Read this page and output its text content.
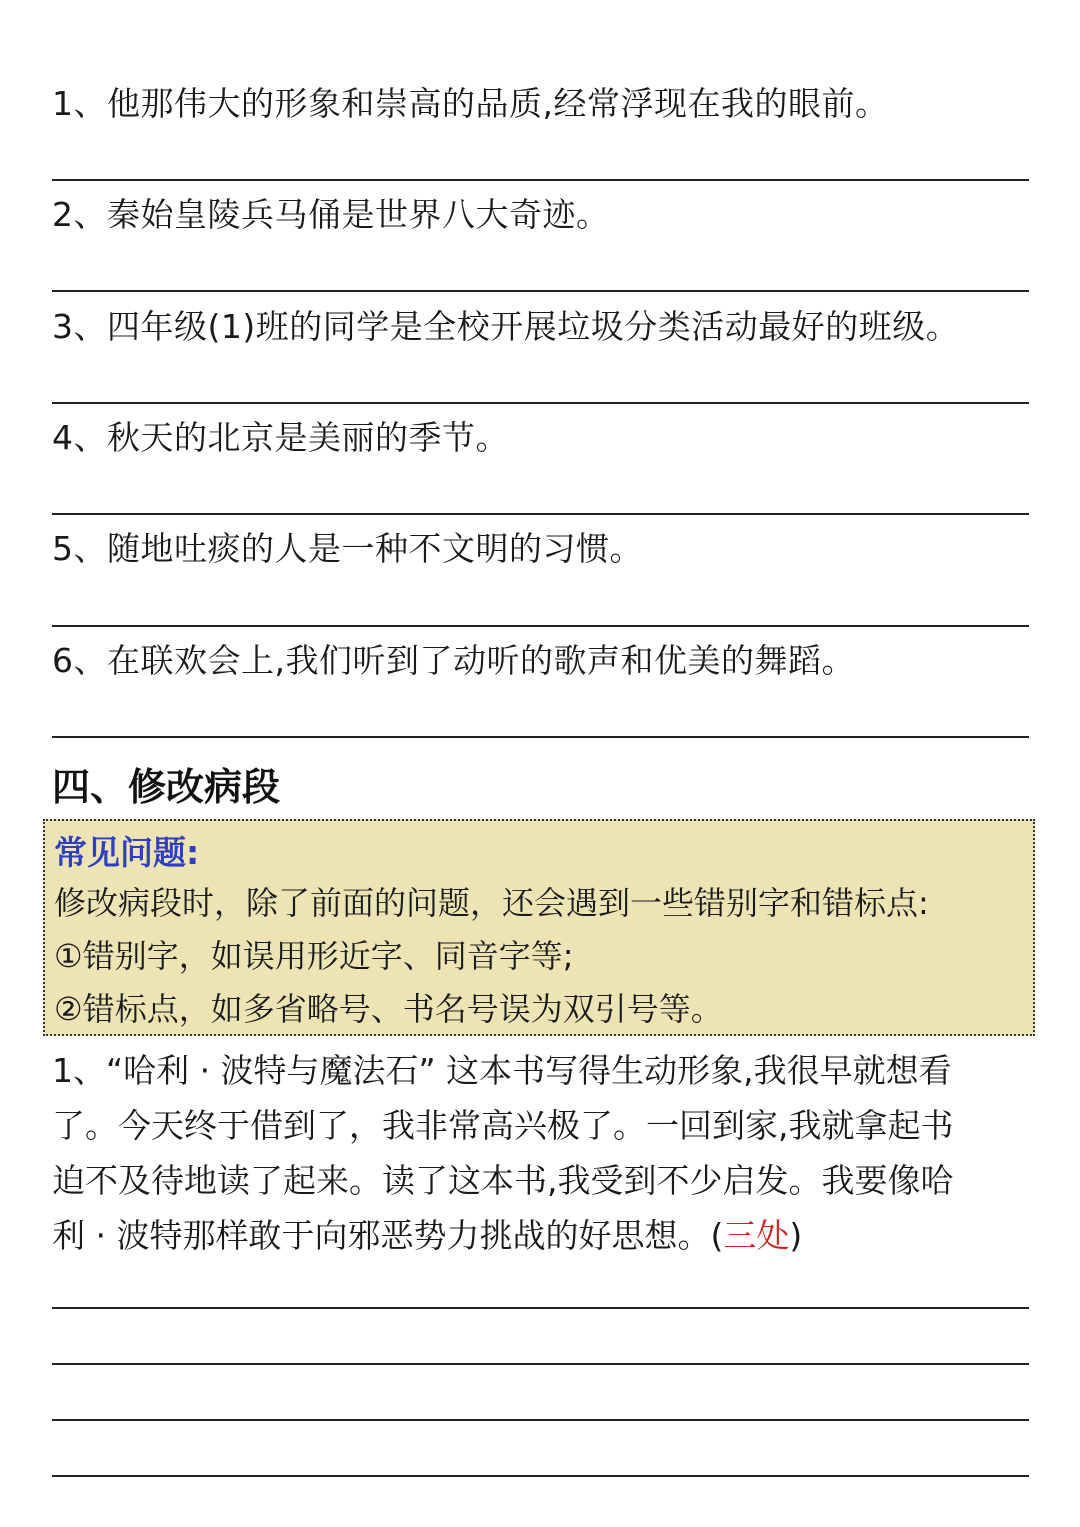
1、他那伟大的形象和崇高的品质,经常浮现在我的眼前。
2、秦始皇陵兵马俑是世界八大奇迹。
3、四年级(1)班的同学是全校开展垃圾分类活动最好的班级。
4、秋天的北京是美丽的季节。
5、随地吐痰的人是一种不文明的习惯。
6、在联欢会上,我们听到了动听的歌声和优美的舞蹈。
四、修改病段
常见问题:
修改病段时，除了前面的问题，还会遇到一些错别字和错标点:
①错别字，如误用形近字、同音字等;
②错标点，如多省略号、书名号误为双引号等。
1、“哈利 · 波特与魔法石” 这本书写得生动形象,我很早就想看
了。今天终于借到了，我非常高兴极了。一回到家,我就拿起书
迫不及待地读了起来。读了这本书,我受到不少启发。我要像哈
利 · 波特那样敢于向邪恶势力挑战的好思想。(三处)
